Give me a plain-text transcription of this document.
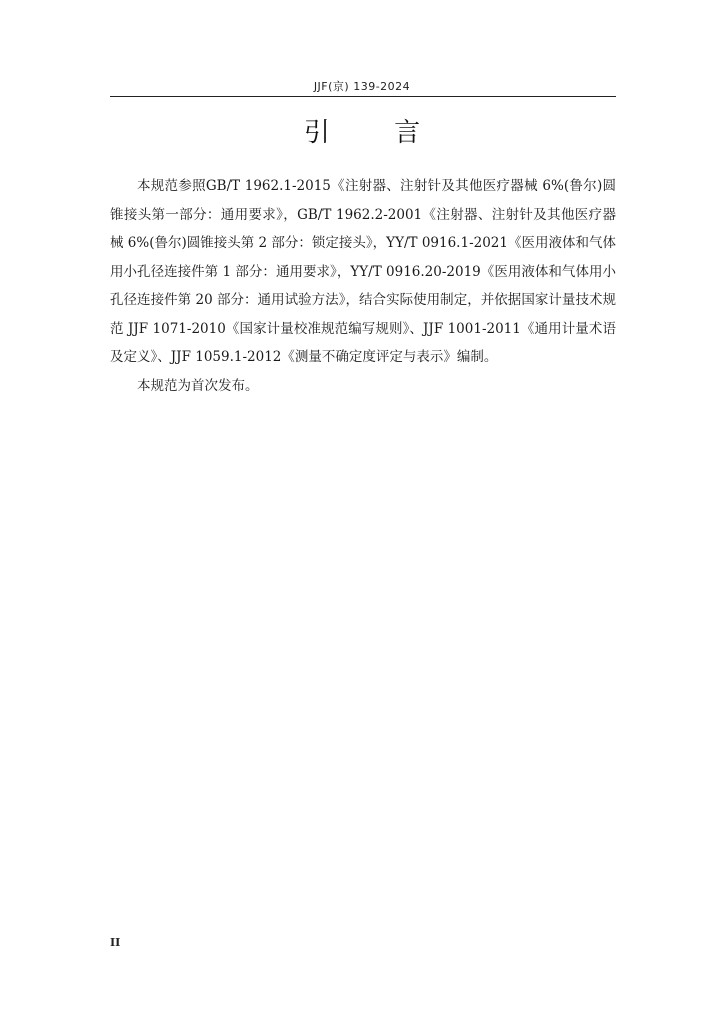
JJF(京) 139-2024
引 言

本规范参照GB/T 1962.1-2015《注射器、注射针及其他医疗器械 6%(鲁尔)圆锥接头第一部分：通用要求》，GB/T 1962.2-2001《注射器、注射针及其他医疗器械 6%(鲁尔)圆锥接头第 2 部分：锁定接头》，YY/T 0916.1-2021《医用液体和气体用小孔径连接件第 1 部分：通用要求》，YY/T 0916.20-2019《医用液体和气体用小孔径连接件第 20 部分：通用试验方法》，结合实际使用制定，并依据国家计量技术规范 JJF 1071-2010《国家计量校准规范编写规则》、JJF 1001-2011《通用计量术语及定义》、JJF 1059.1-2012《测量不确定度评定与表示》编制。

本规范为首次发布。

II
